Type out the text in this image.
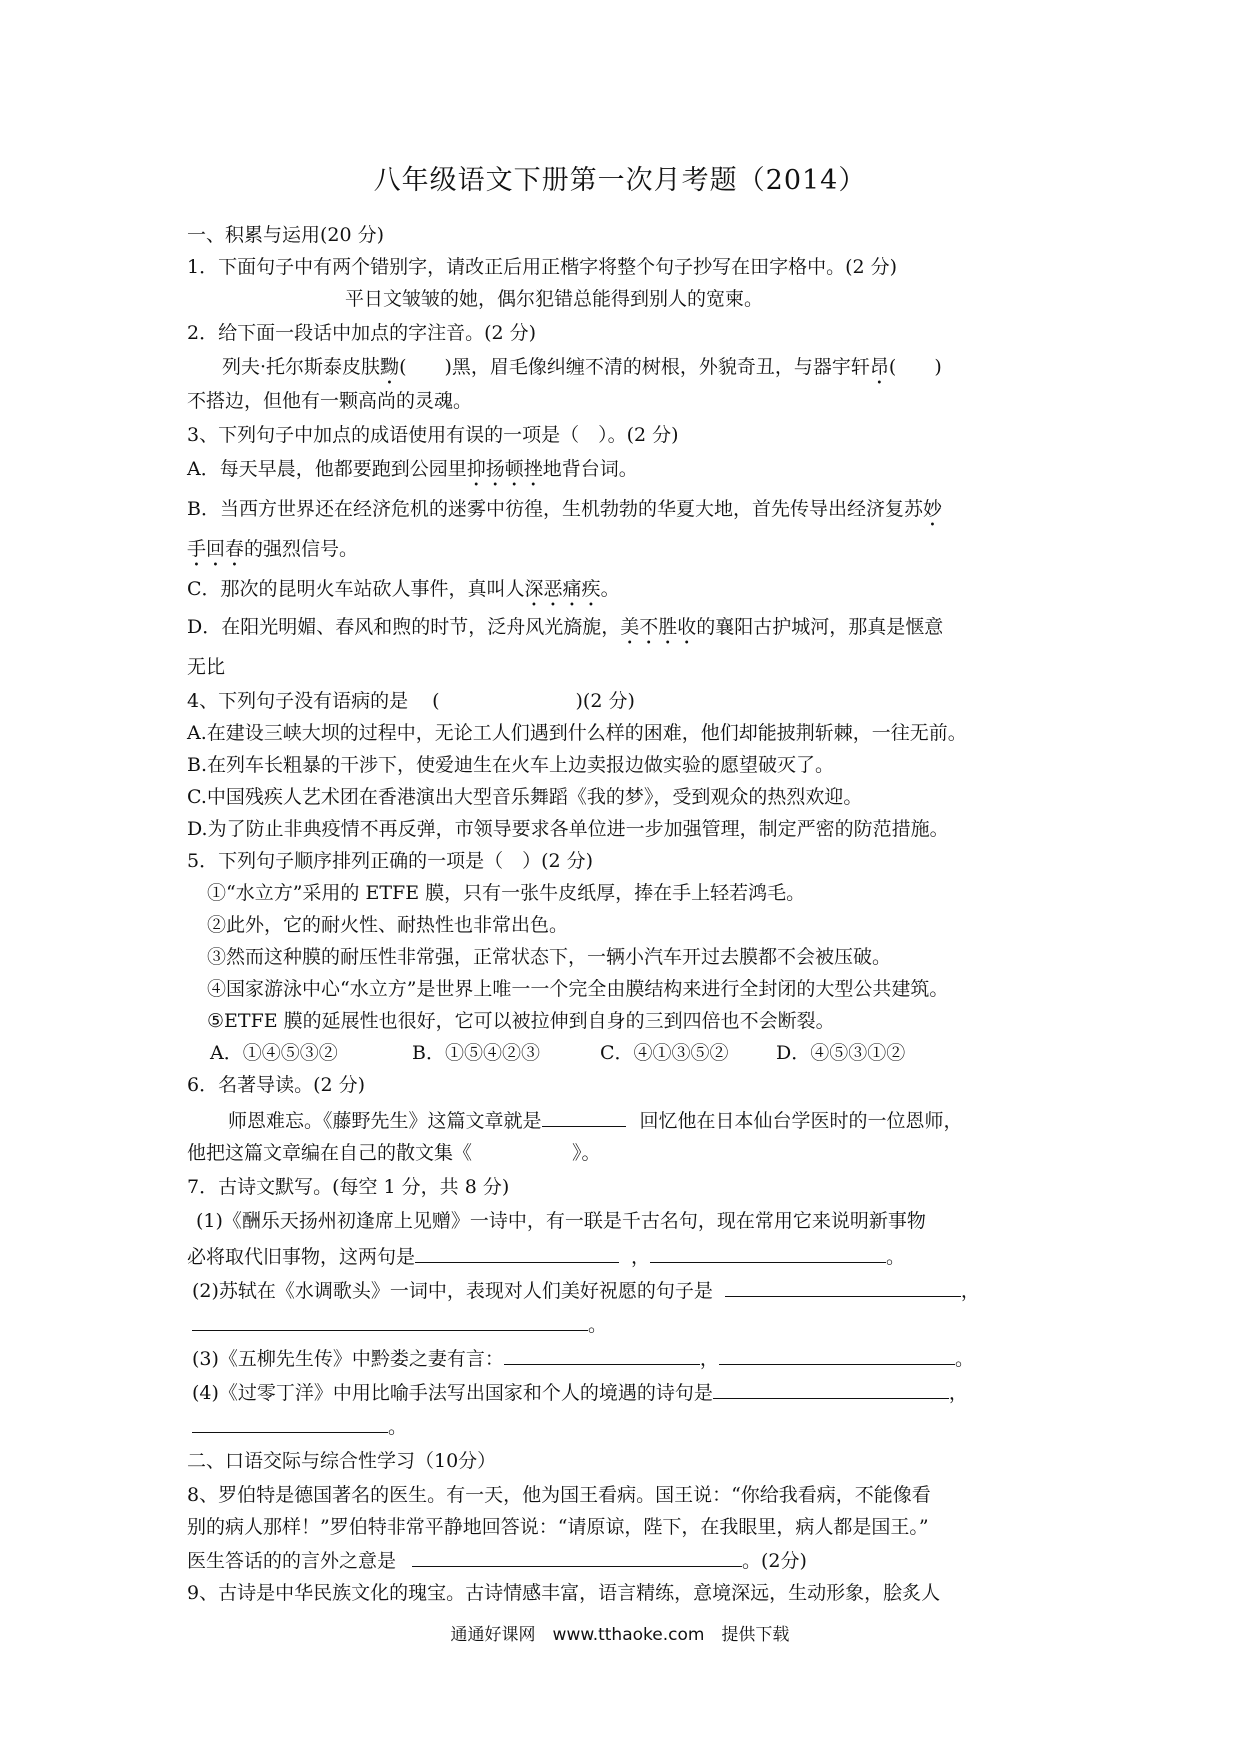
八年级语文下册第一次月考题（2014）
一、积累与运用(20 分)
1．下面句子中有两个错别字，请改正后用正楷字将整个句子抄写在田字格中。(2 分)
平日文皱皱的她，偶尔犯错总能得到别人的宽柬。
2．给下面一段话中加点的字注音。(2 分)
列夫·托尔斯泰皮肤黝(　　)黑，眉毛像纠缠不清的树根，外貌奇丑，与器宇轩昂(　　)
不搭边，但他有一颗高尚的灵魂。
3、下列句子中加点的成语使用有误的一项是（　）。(2 分)
A．每天早晨，他都要跑到公园里抑扬顿挫地背台词。
B．当西方世界还在经济危机的迷雾中彷徨，生机勃勃的华夏大地，首先传导出经济复苏妙
手回春的强烈信号。
C．那次的昆明火车站砍人事件，真叫人深恶痛疾。
D．在阳光明媚、春风和煦的时节，泛舟风光旖旎，美不胜收的襄阳古护城河，那真是惬意
无比
4、下列句子没有语病的是 (	)(2 分)
A.在建设三峡大坝的过程中，无论工人们遇到什么样的困难，他们却能披荆斩棘，一往无前。
B.在列车长粗暴的干涉下，使爱迪生在火车上边卖报边做实验的愿望破灭了。
C.中国残疾人艺术团在香港演出大型音乐舞蹈《我的梦》，受到观众的热烈欢迎。
D.为了防止非典疫情不再反弹，市领导要求各单位进一步加强管理，制定严密的防范措施。
5．下列句子顺序排列正确的一项是（　）(2 分)
①“水立方”采用的 ETFE 膜，只有一张牛皮纸厚，捧在手上轻若鸿毛。
②此外，它的耐火性、耐热性也非常出色。
③然而这种膜的耐压性非常强，正常状态下，一辆小汽车开过去膜都不会被压破。
④国家游泳中心“水立方”是世界上唯一一个完全由膜结构来进行全封闭的大型公共建筑。
⑤ETFE 膜的延展性也很好，它可以被拉伸到自身的三到四倍也不会断裂。
A．①④⑤③②	B．①⑤④②③	C．④①③⑤② D．④⑤③①②
6．名著导读。(2 分)
师恩难忘。《藤野先生》这篇文章就是	回忆他在日本仙台学医时的一位恩师，
他把这篇文章编在自己的散文集《	》。
7．古诗文默写。(每空 1 分，共 8 分)
(1)《酬乐天扬州初逢席上见赠》一诗中，有一联是千古名句，现在常用它来说明新事物
必将取代旧事物，这两句是	，	。
(2)苏轼在《水调歌头》一词中，表现对人们美好祝愿的句子是	，
。
(3)《五柳先生传》中黔娄之妻有言：	，	。
(4)《过零丁洋》中用比喻手法写出国家和个人的境遇的诗句是	，
。
二、口语交际与综合性学习（10分）
8、罗伯特是德国著名的医生。有一天，他为国王看病。国王说：“你给我看病，不能像看
别的病人那样！”罗伯特非常平静地回答说：“请原谅，陛下，在我眼里，病人都是国王。”
医生答话的的言外之意是	。(2分)
9、古诗是中华民族文化的瑰宝。古诗情感丰富，语言精练，意境深远，生动形象，脍炙人
通通好课网　www.tthaoke.com　提供下载
